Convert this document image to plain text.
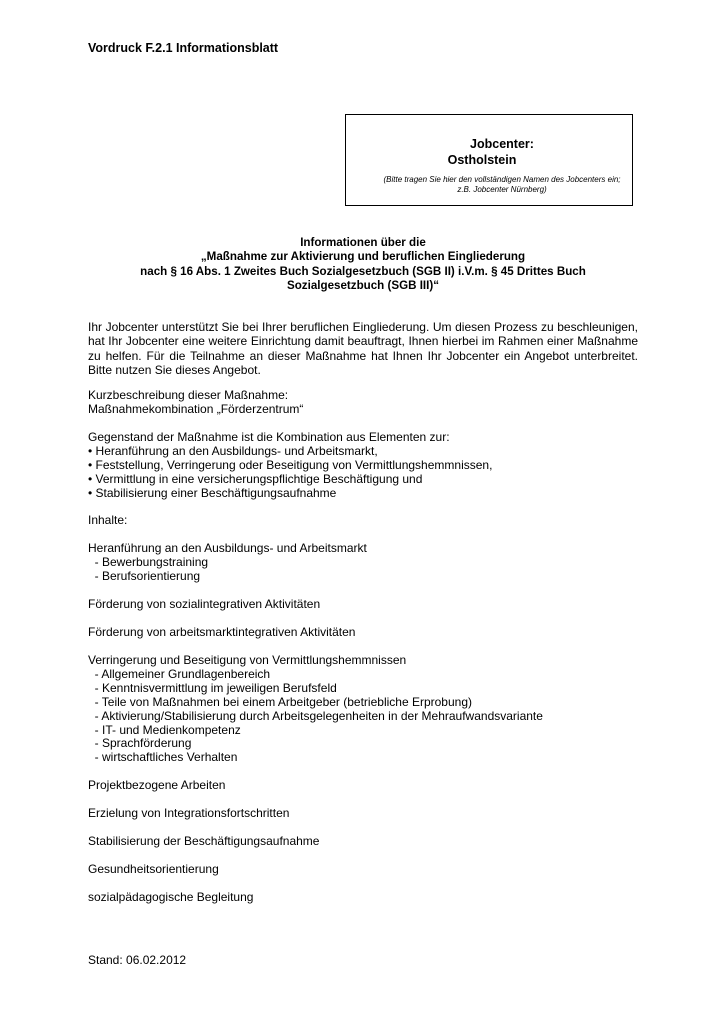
Vordruck F.2.1 Informationsblatt
Jobcenter:
Ostholstein
(Bitte tragen Sie hier den vollständigen Namen des Jobcenters ein;
z.B. Jobcenter Nürnberg)
Informationen über die
„Maßnahme zur Aktivierung und beruflichen Eingliederung
nach § 16 Abs. 1 Zweites Buch Sozialgesetzbuch (SGB II) i.V.m. § 45 Drittes Buch
Sozialgesetzbuch (SGB III)“
Ihr Jobcenter unterstützt Sie bei Ihrer beruflichen Eingliederung. Um diesen Prozess zu beschleunigen, hat Ihr Jobcenter eine weitere Einrichtung damit beauftragt, Ihnen hierbei im Rahmen einer Maßnahme zu helfen. Für die Teilnahme an dieser Maßnahme hat Ihnen Ihr Jobcenter ein Angebot unterbreitet. Bitte nutzen Sie dieses Angebot.
Kurzbeschreibung dieser Maßnahme:
Maßnahmekombination „Förderzentrum“
Gegenstand der Maßnahme ist die Kombination aus Elementen zur:
• Heranführung an den Ausbildungs- und Arbeitsmarkt,
• Feststellung, Verringerung oder Beseitigung von Vermittlungshemmnissen,
• Vermittlung in eine versicherungspflichtige Beschäftigung und
• Stabilisierung einer Beschäftigungsaufnahme
Inhalte:
Heranführung an den Ausbildungs- und Arbeitsmarkt
- Bewerbungstraining
- Berufsorientierung
Förderung von sozialintegrativen Aktivitäten
Förderung von arbeitsmarktintegrativen Aktivitäten
Verringerung und Beseitigung von Vermittlungshemmnissen
- Allgemeiner Grundlagenbereich
- Kenntnisvermittlung im jeweiligen Berufsfeld
- Teile von Maßnahmen bei einem Arbeitgeber (betriebliche Erprobung)
- Aktivierung/Stabilisierung durch Arbeitsgelegenheiten in der Mehraufwandsvariante
- IT- und Medienkompetenz
- Sprachförderung
- wirtschaftliches Verhalten
Projektbezogene Arbeiten
Erzielung von Integrationsfortschritten
Stabilisierung der Beschäftigungsaufnahme
Gesundheitsorientierung
sozialpädagogische Begleitung
Stand: 06.02.2012
